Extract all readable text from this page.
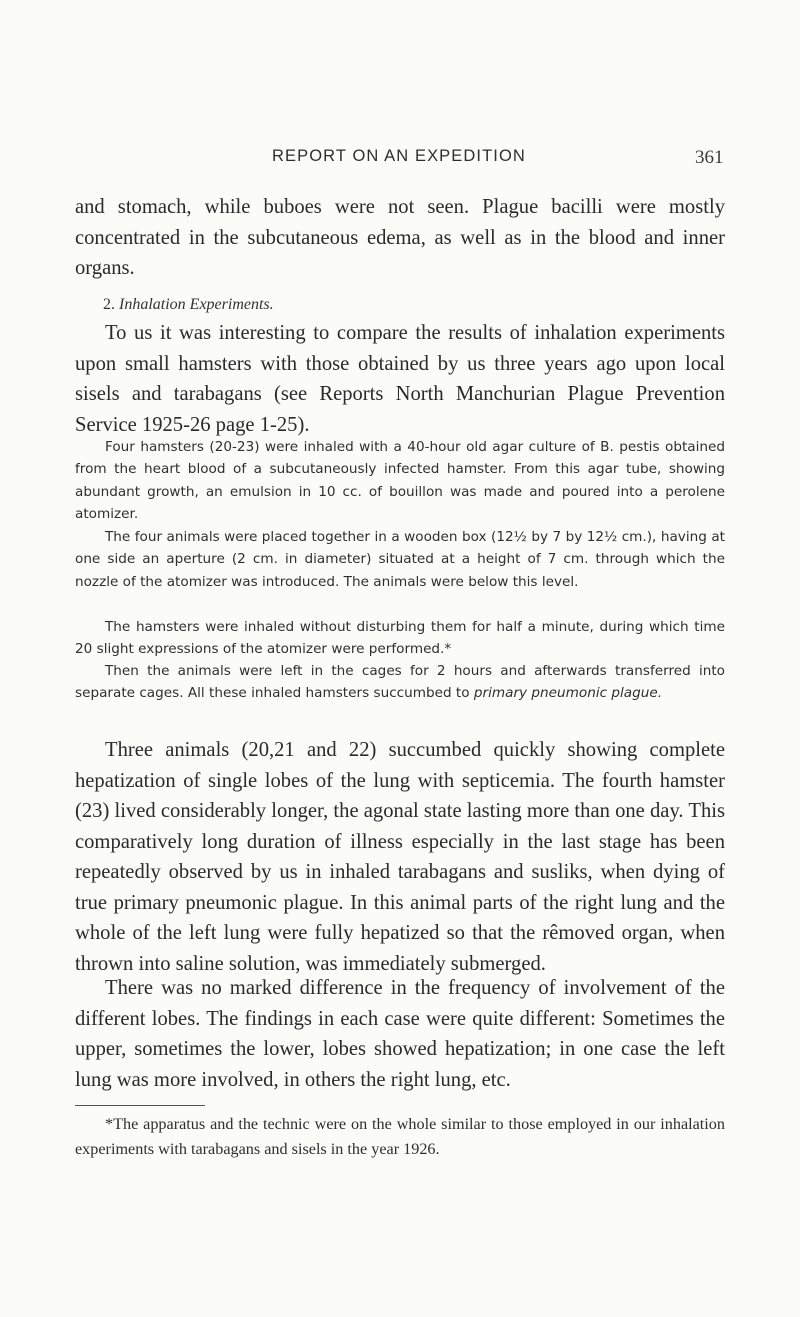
REPORT ON AN EXPEDITION	361

and stomach, while buboes were not seen. Plague bacilli were mostly concentrated in the subcutaneous edema, as well as in the blood and inner organs.

2. Inhalation Experiments.

To us it was interesting to compare the results of inhalation experiments upon small hamsters with those obtained by us three years ago upon local sisels and tarabagans (see Reports North Manchurian Plague Prevention Service 1925-26 page 1-25).

Four hamsters (20-23) were inhaled with a 40-hour old agar culture of B. pestis obtained from the heart blood of a subcutaneously infected hamster. From this agar tube, showing abundant growth, an emulsion in 10 cc. of bouillon was made and poured into a perolene atomizer.

The four animals were placed together in a wooden box (12½ by 7 by 12½ cm.), having at one side an aperture (2 cm. in diameter) situated at a height of 7 cm. through which the nozzle of the atomizer was introduced. The animals were below this level.

The hamsters were inhaled without disturbing them for half a minute, during which time 20 slight expressions of the atomizer were performed.*

Then the animals were left in the cages for 2 hours and afterwards transferred into separate cages. All these inhaled hamsters succumbed to primary pneumonic plague.

Three animals (20,21 and 22) succumbed quickly showing complete hepatization of single lobes of the lung with septicemia. The fourth hamster (23) lived considerably longer, the agonal state lasting more than one day. This comparatively long duration of illness especially in the last stage has been repeatedly observed by us in inhaled tarabagans and susliks, when dying of true primary pneumonic plague. In this animal parts of the right lung and the whole of the left lung were fully hepatized so that the rêmoved organ, when thrown into saline solution, was immediately submerged.

There was no marked difference in the frequency of involvement of the different lobes. The findings in each case were quite different: Sometimes the upper, sometimes the lower, lobes showed hepatization; in one case the left lung was more involved, in others the right lung, etc.

*The apparatus and the technic were on the whole similar to those employed in our inhalation experiments with tarabagans and sisels in the year 1926.
